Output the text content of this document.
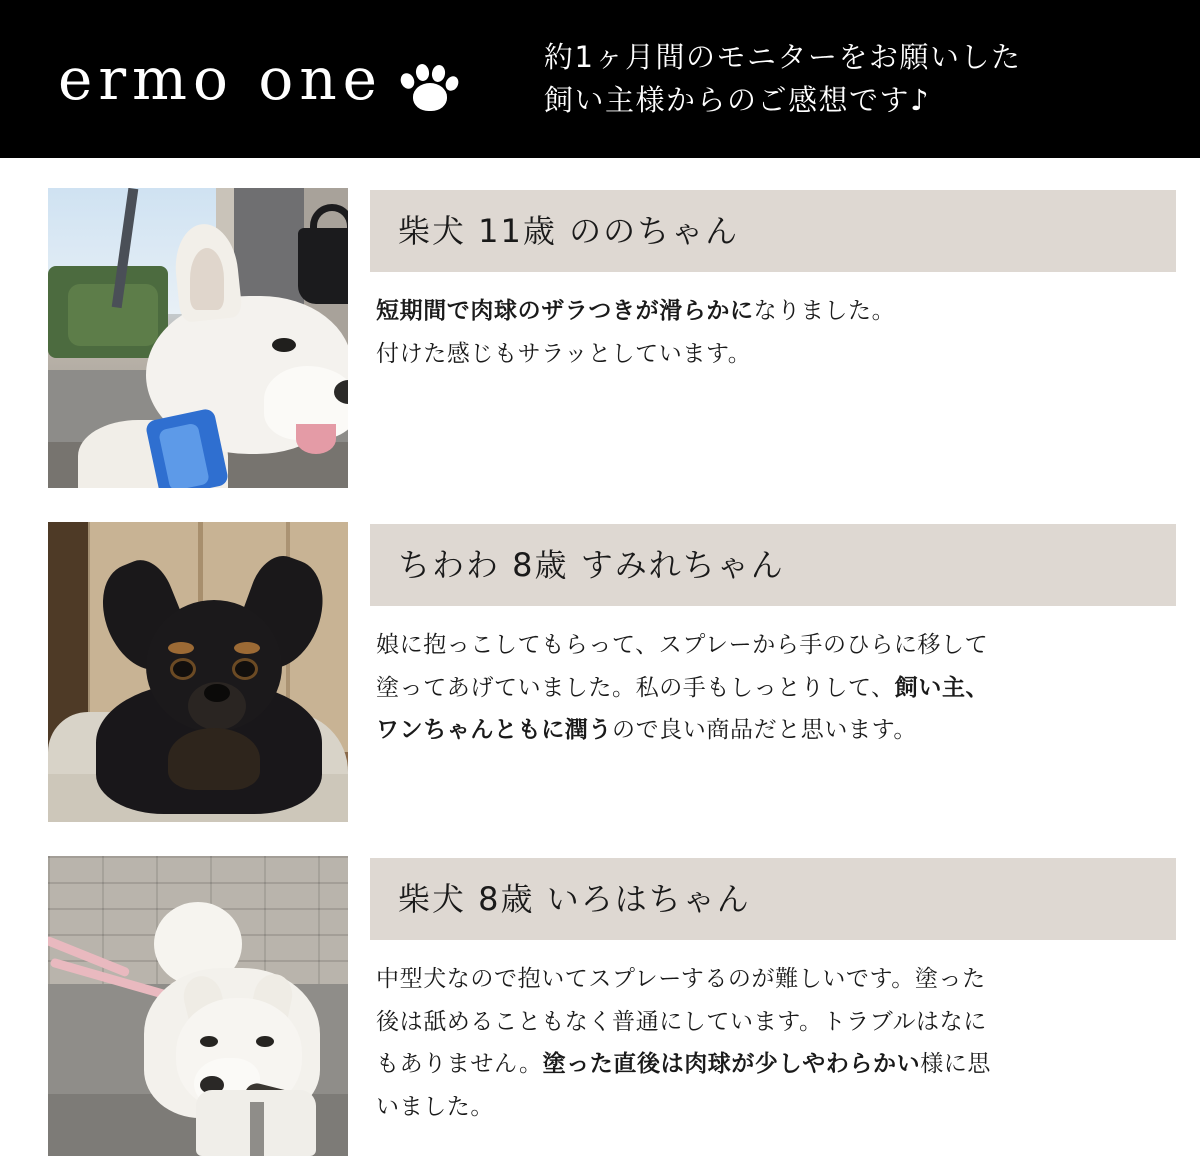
ermo one	約1ヶ月間のモニターをお願いした
飼い主様からのご感想です♪
柴犬 11歳 ののちゃん

短期間で肉球のザラつきが滑らかになりました。

付けた感じもサラッとしています。

ちわわ 8歳 すみれちゃん

娘に抱っこしてもらって、スプレーから手のひらに移して

塗ってあげていました。私の手もしっとりして、飼い主、

ワンちゃんともに潤うので良い商品だと思います。

柴犬 8歳 いろはちゃん

中型犬なので抱いてスプレーするのが難しいです。塗った

後は舐めることもなく普通にしています。トラブルはなに

もありません。塗った直後は肉球が少しやわらかい様に思

いました。
